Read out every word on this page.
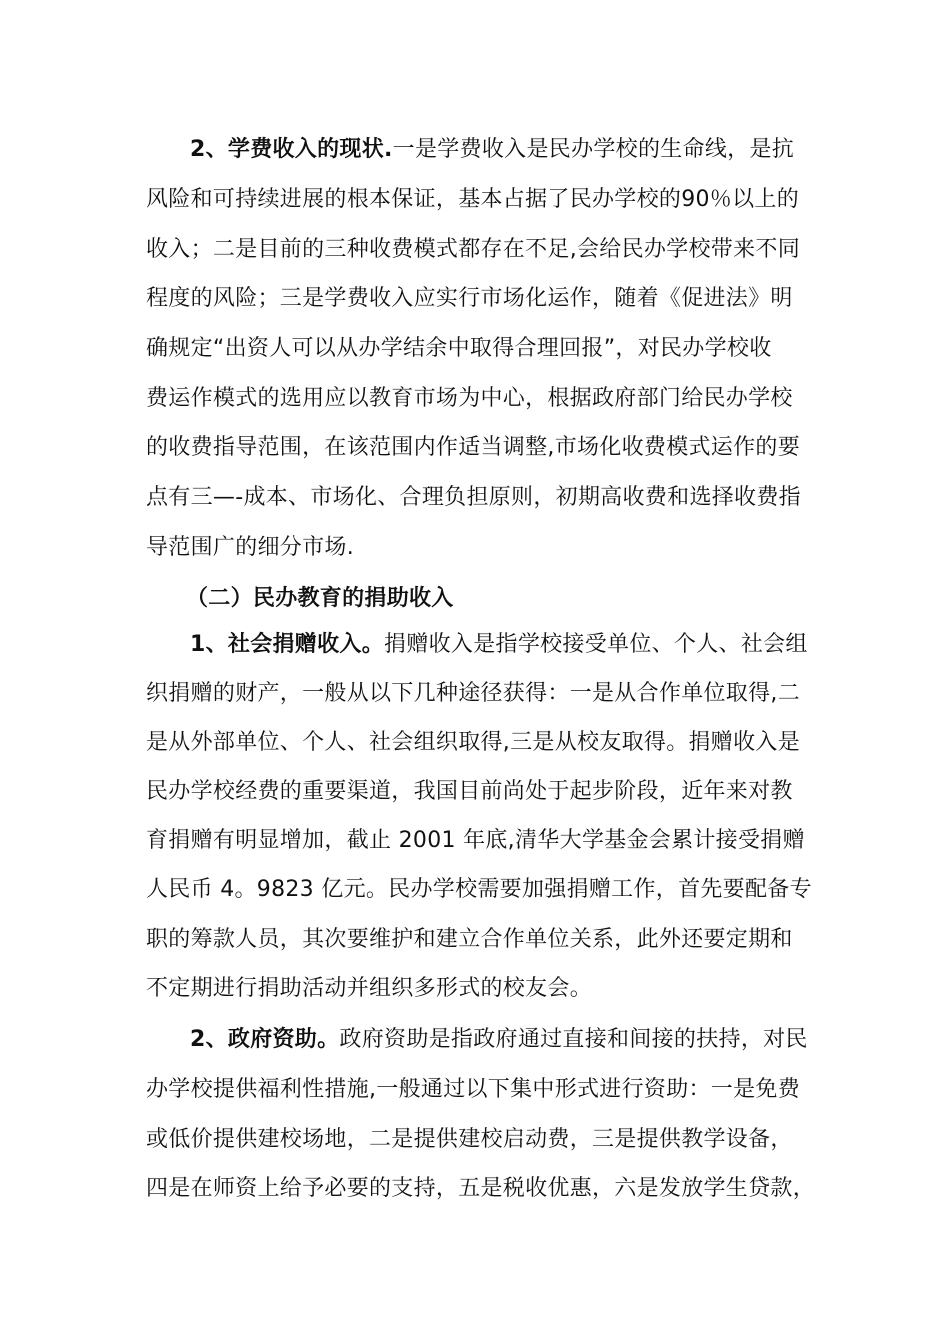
2、学费收入的现状.一是学费收入是民办学校的生命线，是抗
风险和可持续进展的根本保证，基本占据了民办学校的90％以上的
收入；二是目前的三种收费模式都存在不足,会给民办学校带来不同
程度的风险；三是学费收入应实行市场化运作，随着《促进法》明
确规定“出资人可以从办学结余中取得合理回报”，对民办学校收
费运作模式的选用应以教育市场为中心，根据政府部门给民办学校
的收费指导范围，在该范围内作适当调整,市场化收费模式运作的要
点有三—-成本、市场化、合理负担原则，初期高收费和选择收费指
导范围广的细分市场.
（二）民办教育的捐助收入
1、社会捐赠收入。捐赠收入是指学校接受单位、个人、社会组
织捐赠的财产，一般从以下几种途径获得：一是从合作单位取得,二
是从外部单位、个人、社会组织取得,三是从校友取得。捐赠收入是
民办学校经费的重要渠道，我国目前尚处于起步阶段，近年来对教
育捐赠有明显增加，截止 2001 年底,清华大学基金会累计接受捐赠
人民币 4。9823 亿元。民办学校需要加强捐赠工作，首先要配备专
职的筹款人员，其次要维护和建立合作单位关系，此外还要定期和
不定期进行捐助活动并组织多形式的校友会。
2、政府资助。政府资助是指政府通过直接和间接的扶持，对民
办学校提供福利性措施,一般通过以下集中形式进行资助：一是免费
或低价提供建校场地，二是提供建校启动费，三是提供教学设备，
四是在师资上给予必要的支持，五是税收优惠，六是发放学生贷款，
